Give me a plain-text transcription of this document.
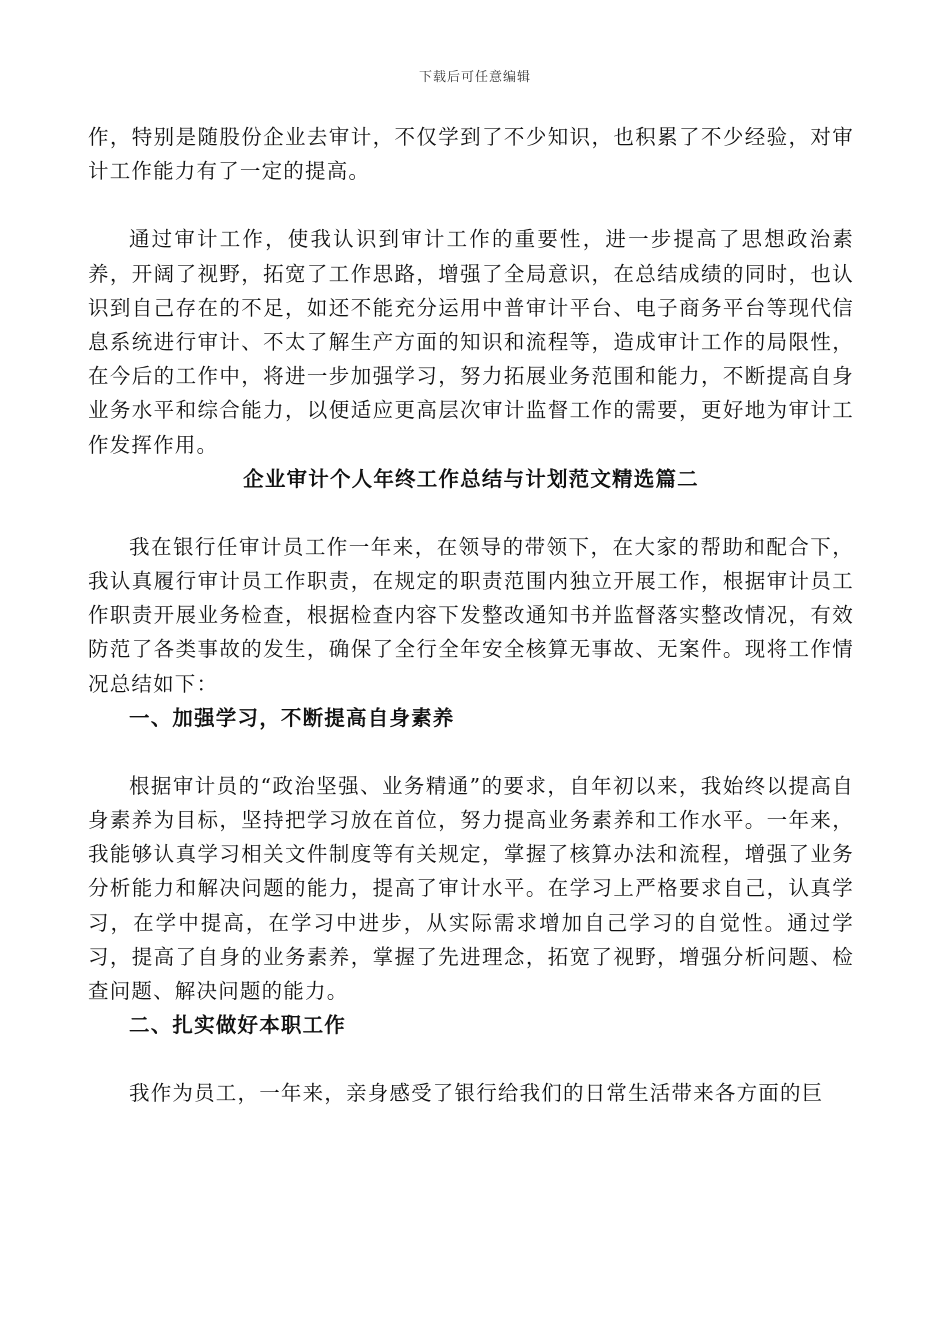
下载后可任意编辑

作，特别是随股份企业去审计，不仅学到了不少知识，也积累了不少经验，对审计工作能力有了一定的提高。

通过审计工作，使我认识到审计工作的重要性，进一步提高了思想政治素养，开阔了视野，拓宽了工作思路，增强了全局意识，在总结成绩的同时，也认识到自己存在的不足，如还不能充分运用中普审计平台、电子商务平台等现代信息系统进行审计、不太了解生产方面的知识和流程等，造成审计工作的局限性，在今后的工作中，将进一步加强学习，努力拓展业务范围和能力，不断提高自身业务水平和综合能力，以便适应更高层次审计监督工作的需要，更好地为审计工作发挥作用。

企业审计个人年终工作总结与计划范文精选篇二

我在银行任审计员工作一年来，在领导的带领下，在大家的帮助和配合下，我认真履行审计员工作职责，在规定的职责范围内独立开展工作，根据审计员工作职责开展业务检查，根据检查内容下发整改通知书并监督落实整改情况，有效防范了各类事故的发生，确保了全行全年安全核算无事故、无案件。现将工作情况总结如下：

一、加强学习，不断提高自身素养

根据审计员的“政治坚强、业务精通”的要求，自年初以来，我始终以提高自身素养为目标，坚持把学习放在首位，努力提高业务素养和工作水平。一年来，我能够认真学习相关文件制度等有关规定，掌握了核算办法和流程，增强了业务分析能力和解决问题的能力，提高了审计水平。在学习上严格要求自己，认真学习，在学中提高，在学习中进步，从实际需求增加自己学习的自觉性。通过学习，提高了自身的业务素养，掌握了先进理念，拓宽了视野，增强分析问题、检查问题、解决问题的能力。

二、扎实做好本职工作

我作为员工，一年来，亲身感受了银行给我们的日常生活带来各方面的巨
